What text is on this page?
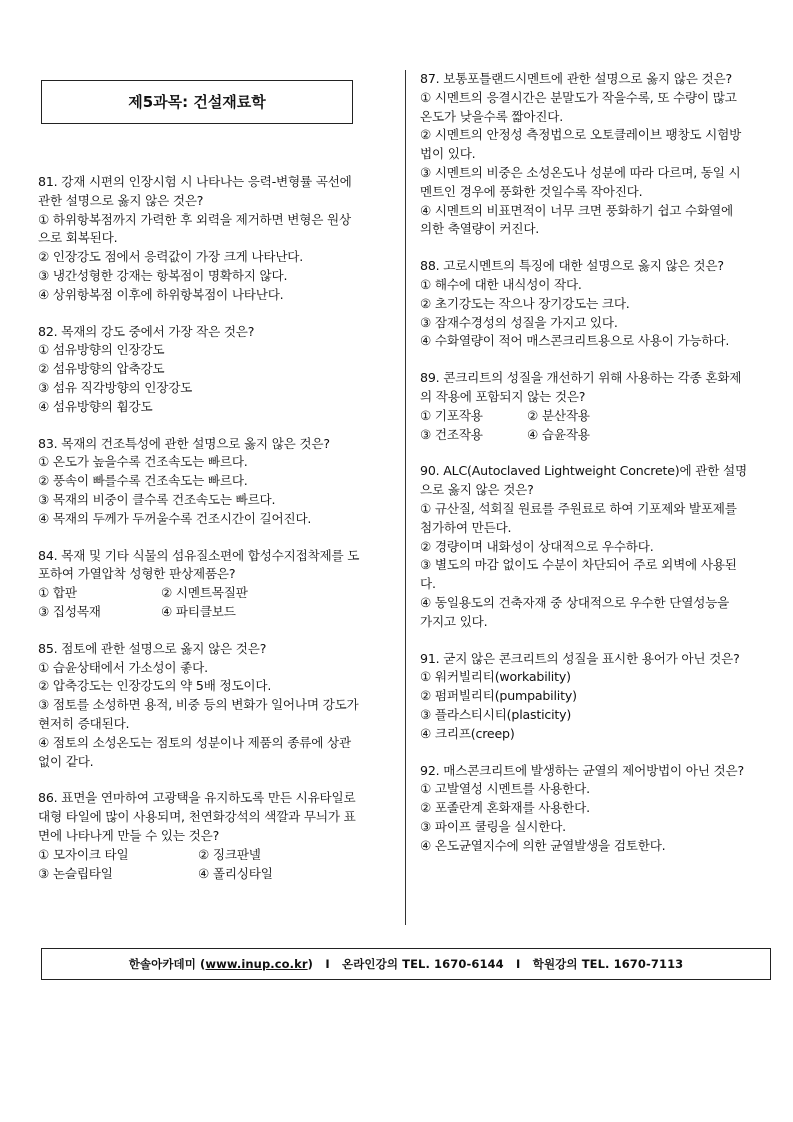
제5과목: 건설재료학

81. 강재 시편의 인장시험 시 나타나는 응력-변형률 곡선에

관한 설명으로 옳지 않은 것은?

① 하위항복점까지 가력한 후 외력을 제거하면 변형은 원상

으로 회복된다.

② 인장강도 점에서 응력값이 가장 크게 나타난다.

③ 냉간성형한 강재는 항복점이 명확하지 않다.

④ 상위항복점 이후에 하위항복점이 나타난다.

82. 목재의 강도 중에서 가장 작은 것은?

① 섬유방향의 인장강도

② 섬유방향의 압축강도

③ 섬유 직각방향의 인장강도

④ 섬유방향의 휨강도

83. 목재의 건조특성에 관한 설명으로 옳지 않은 것은?

① 온도가 높을수록 건조속도는 빠르다.

② 풍속이 빠를수록 건조속도는 빠르다.

③ 목재의 비중이 클수록 건조속도는 빠르다.

④ 목재의 두께가 두꺼울수록 건조시간이 길어진다.

84. 목재 및 기타 식물의 섬유질소편에 합성수지접착제를 도

포하여 가열압착 성형한 판상제품은?

① 합판	② 시멘트목질판
③ 집성목재	④ 파티클보드

85. 점토에 관한 설명으로 옳지 않은 것은?

① 습윤상태에서 가소성이 좋다.

② 압축강도는 인장강도의 약 5배 정도이다.

③ 점토를 소성하면 용적, 비중 등의 변화가 일어나며 강도가

현저히 증대된다.

④ 점토의 소성온도는 점토의 성분이나 제품의 종류에 상관

없이 같다.

86. 표면을 연마하여 고광택을 유지하도록 만든 시유타일로

대형 타일에 많이 사용되며, 천연화강석의 색깔과 무늬가 표

면에 나타나게 만들 수 있는 것은?

① 모자이크 타일	② 징크판넬
③ 논슬립타일	④ 폴리싱타일

87. 보통포틀랜드시멘트에 관한 설명으로 옳지 않은 것은?

① 시멘트의 응결시간은 분말도가 작을수록, 또 수량이 많고

온도가 낮을수록 짧아진다.

② 시멘트의 안정성 측정법으로 오토클레이브 팽창도 시험방

법이 있다.

③ 시멘트의 비중은 소성온도나 성분에 따라 다르며, 동일 시

멘트인 경우에 풍화한 것일수록 작아진다.

④ 시멘트의 비표면적이 너무 크면 풍화하기 쉽고 수화열에

의한 축열량이 커진다.

88. 고로시멘트의 특징에 대한 설명으로 옳지 않은 것은?

① 해수에 대한 내식성이 작다.

② 초기강도는 작으나 장기강도는 크다.

③ 잠재수경성의 성질을 가지고 있다.

④ 수화열량이 적어 매스콘크리트용으로 사용이 가능하다.

89. 콘크리트의 성질을 개선하기 위해 사용하는 각종 혼화제

의 작용에 포함되지 않는 것은?

① 기포작용	② 분산작용
③ 건조작용	④ 습윤작용

90. ALC(Autoclaved Lightweight Concrete)에 관한 설명

으로 옳지 않은 것은?

① 규산질, 석회질 원료를 주원료로 하여 기포제와 발포제를

첨가하여 만든다.

② 경량이며 내화성이 상대적으로 우수하다.

③ 별도의 마감 없이도 수분이 차단되어 주로 외벽에 사용된

다.

④ 동일용도의 건축자재 중 상대적으로 우수한 단열성능을

가지고 있다.

91. 굳지 않은 콘크리트의 성질을 표시한 용어가 아닌 것은?

① 워커빌리티(workability)

② 펌퍼빌리티(pumpability)

③ 플라스티시티(plasticity)

④ 크리프(creep)

92. 매스콘크리트에 발생하는 균열의 제어방법이 아닌 것은?

① 고발열성 시멘트를 사용한다.

② 포졸란계 혼화재를 사용한다.

③ 파이프 쿨링을 실시한다.

④ 온도균열지수에 의한 균열발생을 검토한다.

한솔아카데미 ( www.inup.co.kr )   I   온라인강의 TEL. 1670-6144   I   학원강의 TEL. 1670-7113
